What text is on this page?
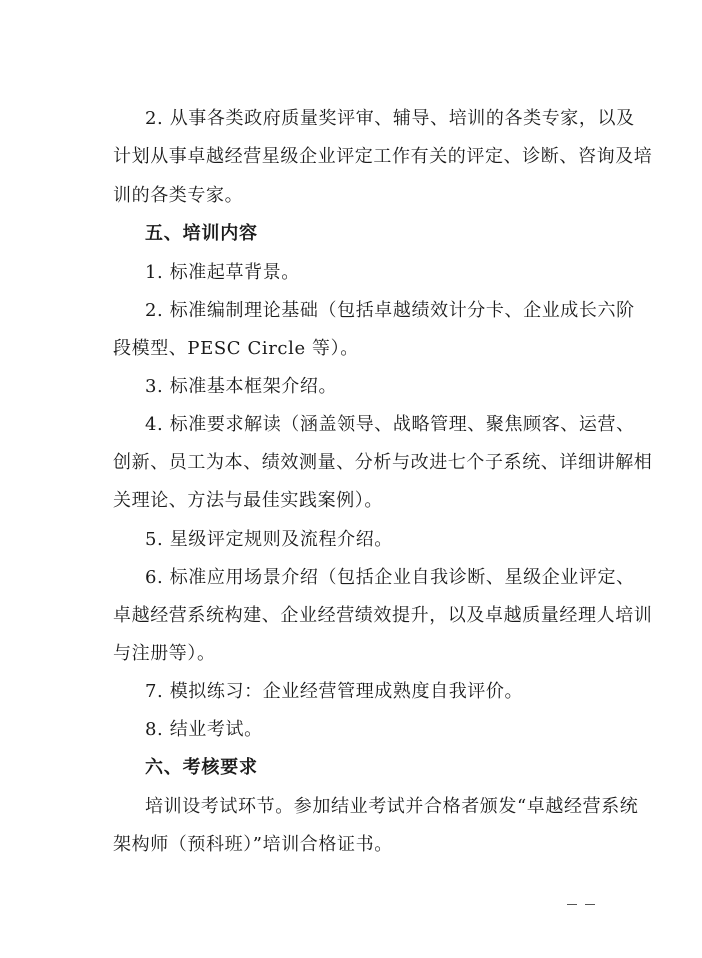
2. 从事各类政府质量奖评审、辅导、培训的各类专家，以及
计划从事卓越经营星级企业评定工作有关的评定、诊断、咨询及培
训的各类专家。
五、培训内容
1. 标准起草背景。
2. 标准编制理论基础（包括卓越绩效计分卡、企业成长六阶
段模型、PESC Circle 等）。
3. 标准基本框架介绍。
4. 标准要求解读（涵盖领导、战略管理、聚焦顾客、运营、
创新、员工为本、绩效测量、分析与改进七个子系统、详细讲解相
关理论、方法与最佳实践案例）。
5. 星级评定规则及流程介绍。
6. 标准应用场景介绍（包括企业自我诊断、星级企业评定、
卓越经营系统构建、企业经营绩效提升，以及卓越质量经理人培训
与注册等）。
7. 模拟练习：企业经营管理成熟度自我评价。
8. 结业考试。
六、考核要求
培训设考试环节。参加结业考试并合格者颁发“卓越经营系统
架构师（预科班）”培训合格证书。
